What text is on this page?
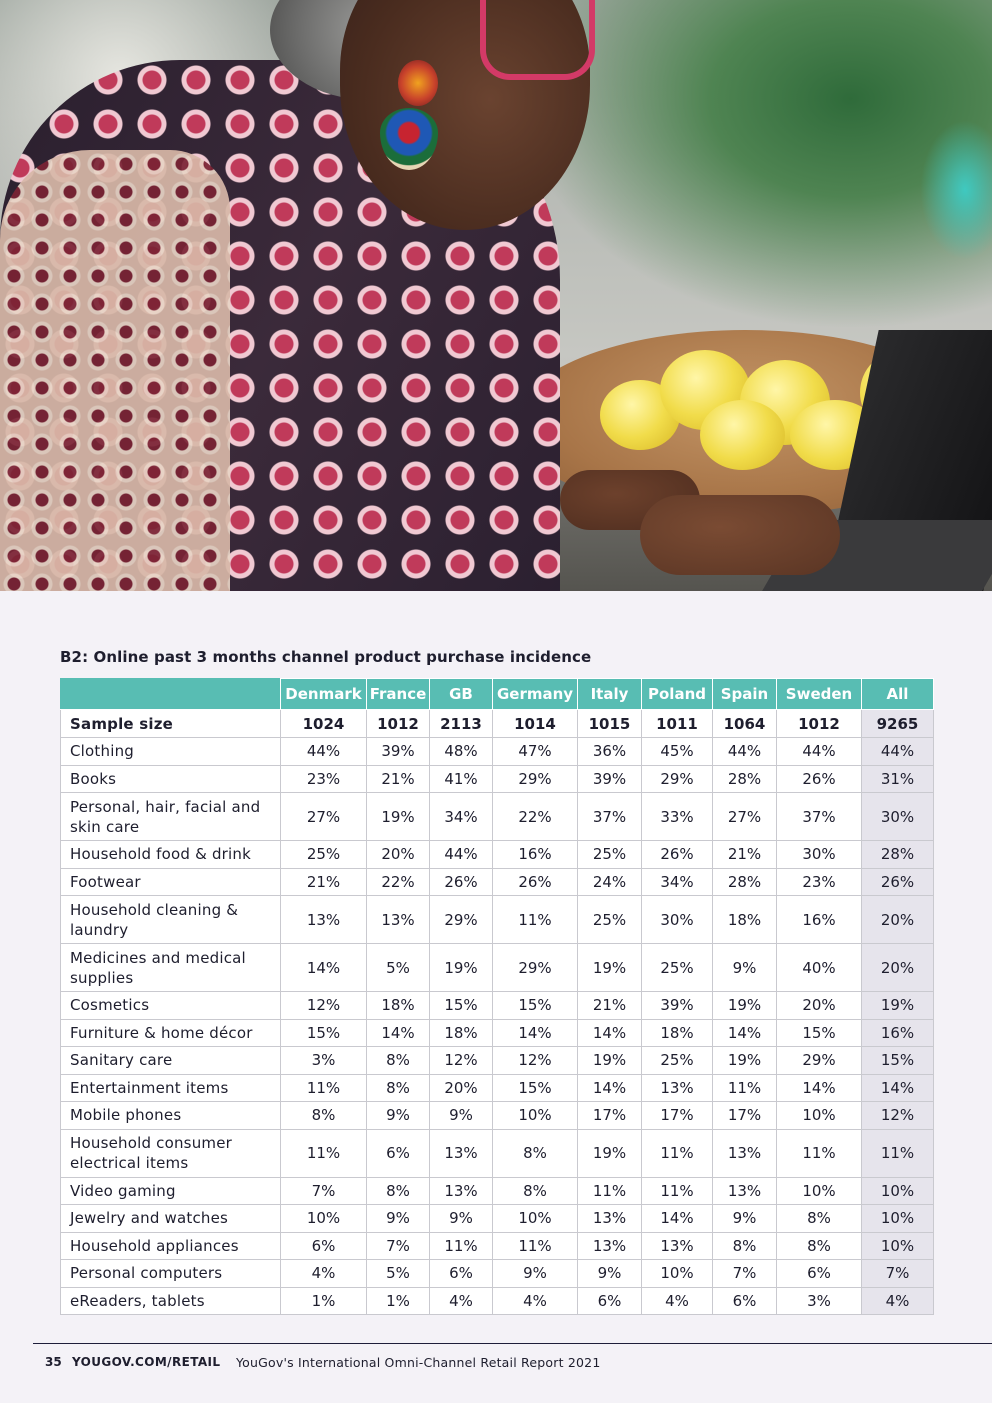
B2: Online past 3 months channel product purchase incidence
	Denmark	France	GB	Germany	Italy	Poland	Spain	Sweden	All
Sample size	1024	1012	2113	1014	1015	1011	1064	1012	9265
Clothing	44%	39%	48%	47%	36%	45%	44%	44%	44%
Books	23%	21%	41%	29%	39%	29%	28%	26%	31%
Personal, hair, facial and skin care	27%	19%	34%	22%	37%	33%	27%	37%	30%
Household food & drink	25%	20%	44%	16%	25%	26%	21%	30%	28%
Footwear	21%	22%	26%	26%	24%	34%	28%	23%	26%
Household cleaning & laundry	13%	13%	29%	11%	25%	30%	18%	16%	20%
Medicines and medical supplies	14%	5%	19%	29%	19%	25%	9%	40%	20%
Cosmetics	12%	18%	15%	15%	21%	39%	19%	20%	19%
Furniture & home décor	15%	14%	18%	14%	14%	18%	14%	15%	16%
Sanitary care	3%	8%	12%	12%	19%	25%	19%	29%	15%
Entertainment items	11%	8%	20%	15%	14%	13%	11%	14%	14%
Mobile phones	8%	9%	9%	10%	17%	17%	17%	10%	12%
Household consumer electrical items	11%	6%	13%	8%	19%	11%	13%	11%	11%
Video gaming	7%	8%	13%	8%	11%	11%	13%	10%	10%
Jewelry and watches	10%	9%	9%	10%	13%	14%	9%	8%	10%
Household appliances	6%	7%	11%	11%	13%	13%	8%	8%	10%
Personal computers	4%	5%	6%	9%	9%	10%	7%	6%	7%
eReaders, tablets	1%	1%	4%	4%	6%	4%	6%	3%	4%
35 YOUGOV.COM/RETAIL YouGov's International Omni-Channel Retail Report 2021
